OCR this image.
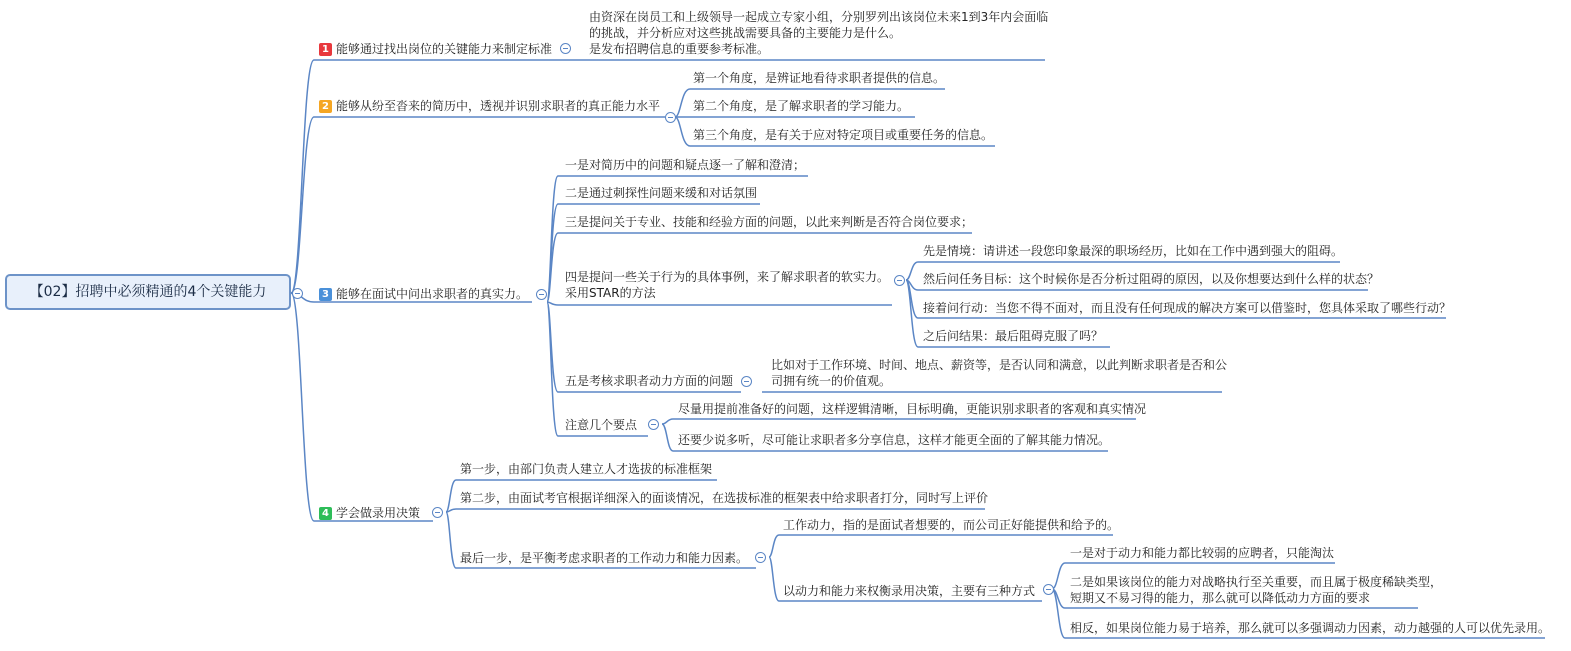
【02】招聘中必须精通的4个关键能力
1 能够通过找出岗位的关键能力来制定标准
由资深在岗员工和上级领导一起成立专家小组，分别罗列出该岗位未来1到3年内会面临
的挑战，并分析应对这些挑战需要具备的主要能力是什么。
是发布招聘信息的重要参考标准。
2 能够从纷至沓来的简历中，透视并识别求职者的真正能力水平
第一个角度，是辨证地看待求职者提供的信息。
第二个角度，是了解求职者的学习能力。
第三个角度，是有关于应对特定项目或重要任务的信息。
3 能够在面试中问出求职者的真实力。
一是对简历中的问题和疑点逐一了解和澄清；
二是通过刺探性问题来缓和对话氛围
三是提问关于专业、技能和经验方面的问题，以此来判断是否符合岗位要求；
四是提问一些关于行为的具体事例，来了解求职者的软实力。
采用STAR的方法
先是情境：请讲述一段您印象最深的职场经历，比如在工作中遇到强大的阻碍。
然后问任务目标：这个时候你是否分析过阻碍的原因，以及你想要达到什么样的状态？
接着问行动：当您不得不面对，而且没有任何现成的解决方案可以借鉴时，您具体采取了哪些行动？
之后问结果：最后阻碍克服了吗？
五是考核求职者动力方面的问题
比如对于工作环境、时间、地点、薪资等，是否认同和满意，以此判断求职者是否和公
司拥有统一的价值观。
注意几个要点
尽量用提前准备好的问题，这样逻辑清晰，目标明确，更能识别求职者的客观和真实情况
还要少说多听，尽可能让求职者多分享信息，这样才能更全面的了解其能力情况。
4 学会做录用决策
第一步，由部门负责人建立人才选拔的标准框架
第二步，由面试考官根据详细深入的面谈情况，在选拔标准的框架表中给求职者打分，同时写上评价
最后一步，是平衡考虑求职者的工作动力和能力因素。
工作动力，指的是面试者想要的，而公司正好能提供和给予的。
以动力和能力来权衡录用决策，主要有三种方式
一是对于动力和能力都比较弱的应聘者，只能淘汰
二是如果该岗位的能力对战略执行至关重要，而且属于极度稀缺类型，
短期又不易习得的能力，那么就可以降低动力方面的要求
相反，如果岗位能力易于培养，那么就可以多强调动力因素，动力越强的人可以优先录用。
